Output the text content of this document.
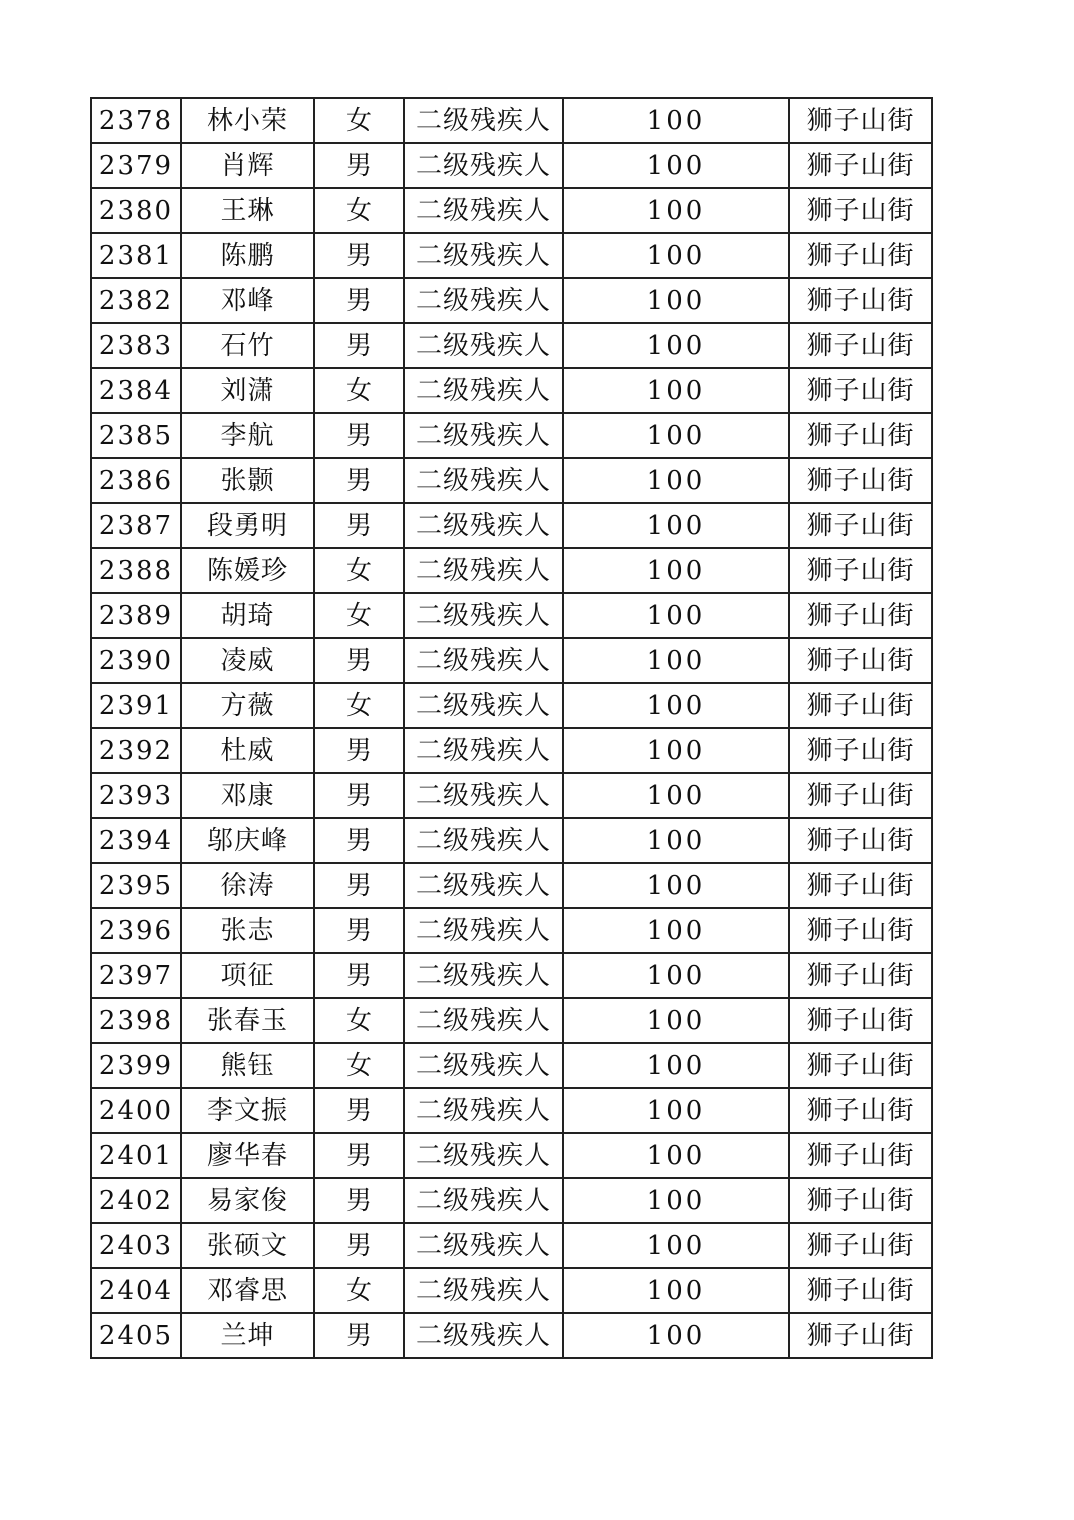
2378	林小荣	女	二级残疾人	100	狮子山街
2379	肖辉	男	二级残疾人	100	狮子山街
2380	王琳	女	二级残疾人	100	狮子山街
2381	陈鹏	男	二级残疾人	100	狮子山街
2382	邓峰	男	二级残疾人	100	狮子山街
2383	石竹	男	二级残疾人	100	狮子山街
2384	刘潇	女	二级残疾人	100	狮子山街
2385	李航	男	二级残疾人	100	狮子山街
2386	张颢	男	二级残疾人	100	狮子山街
2387	段勇明	男	二级残疾人	100	狮子山街
2388	陈媛珍	女	二级残疾人	100	狮子山街
2389	胡琦	女	二级残疾人	100	狮子山街
2390	凌威	男	二级残疾人	100	狮子山街
2391	方薇	女	二级残疾人	100	狮子山街
2392	杜威	男	二级残疾人	100	狮子山街
2393	邓康	男	二级残疾人	100	狮子山街
2394	邬庆峰	男	二级残疾人	100	狮子山街
2395	徐涛	男	二级残疾人	100	狮子山街
2396	张志	男	二级残疾人	100	狮子山街
2397	项征	男	二级残疾人	100	狮子山街
2398	张春玉	女	二级残疾人	100	狮子山街
2399	熊钰	女	二级残疾人	100	狮子山街
2400	李文振	男	二级残疾人	100	狮子山街
2401	廖华春	男	二级残疾人	100	狮子山街
2402	易家俊	男	二级残疾人	100	狮子山街
2403	张硕文	男	二级残疾人	100	狮子山街
2404	邓睿思	女	二级残疾人	100	狮子山街
2405	兰坤	男	二级残疾人	100	狮子山街
